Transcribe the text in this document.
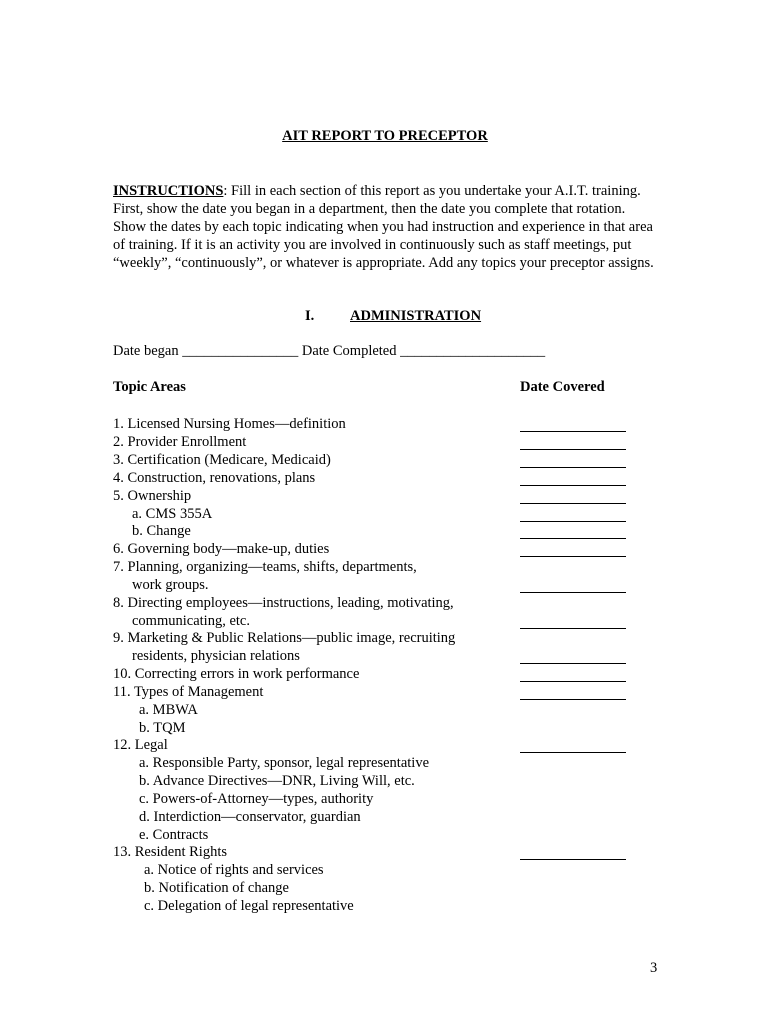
AIT REPORT TO PRECEPTOR
INSTRUCTIONS: Fill in each section of this report as you undertake your A.I.T. training. First, show the date you began in a department, then the date you complete that rotation. Show the dates by each topic indicating when you had instruction and experience in that area of training. If it is an activity you are involved in continuously such as staff meetings, put “weekly”, “continuously”, or whatever is appropriate. Add any topics your preceptor assigns.
I. ADMINISTRATION
Date began ________________ Date Completed ____________________
Topic Areas	Date Covered
1. Licensed Nursing Homes—definition
2. Provider Enrollment
3. Certification (Medicare, Medicaid)
4. Construction, renovations, plans
5. Ownership
a. CMS 355A
b. Change
6. Governing body—make-up, duties
7. Planning, organizing—teams, shifts, departments,
work groups.
8. Directing employees—instructions, leading, motivating,
communicating, etc.
9. Marketing & Public Relations—public image, recruiting
residents, physician relations
10. Correcting errors in work performance
11. Types of Management
a. MBWA
b. TQM
12. Legal
a. Responsible Party, sponsor, legal representative
b. Advance Directives—DNR, Living Will, etc.
c. Powers-of-Attorney—types, authority
d. Interdiction—conservator, guardian
e. Contracts
13. Resident Rights
a. Notice of rights and services
b. Notification of change
c. Delegation of legal representative
3
